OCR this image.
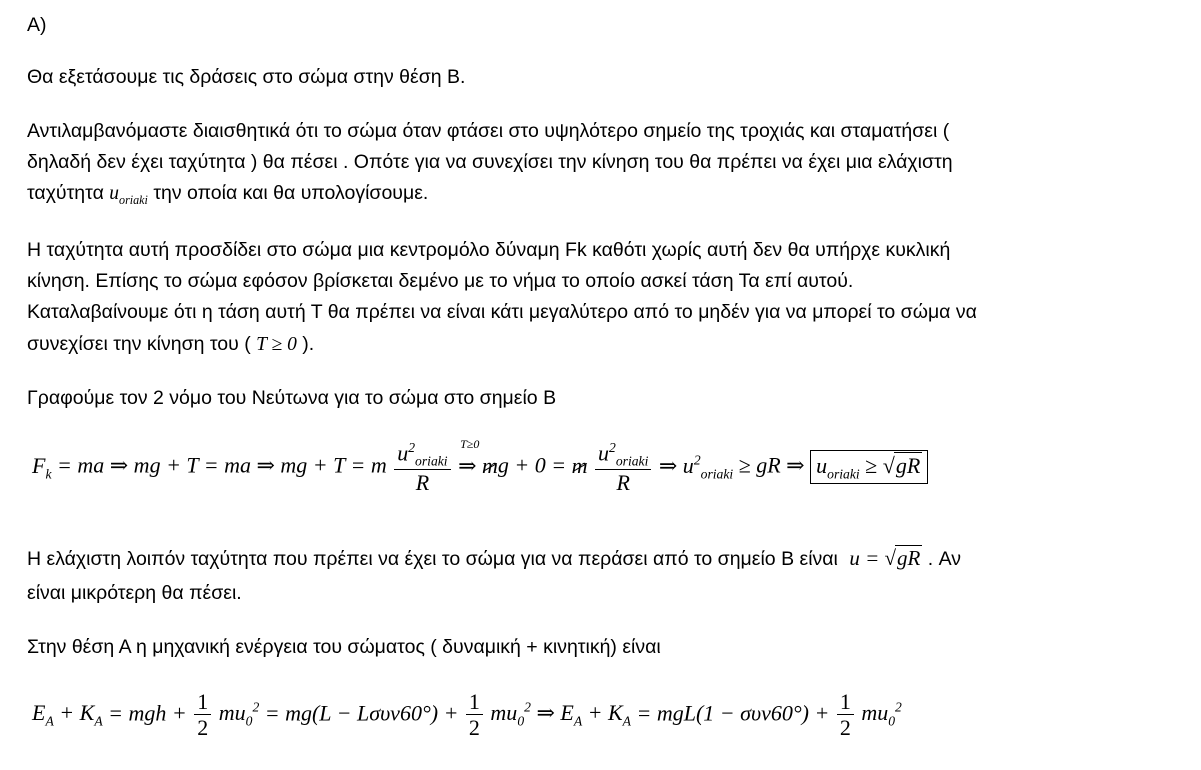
Α)
Θα εξετάσουμε τις δράσεις στο σώμα στην θέση Β.
Αντιλαμβανόμαστε διαισθητικά ότι το σώμα όταν φτάσει στο υψηλότερο σημείο της τροχιάς και σταματήσει (
δηλαδή δεν έχει ταχύτητα ) θα πέσει . Οπότε για να συνεχίσει την κίνηση του θα πρέπει να έχει μια ελάχιστη
ταχύτητα $u_{oriaki}$ την οποία και θα υπολογίσουμε.
Η ταχύτητα αυτή προσδίδει στο σώμα μια κεντρομόλο δύναμη Fk καθότι χωρίς αυτή δεν θα υπήρχε κυκλική
κίνηση. Επίσης το σώμα εφόσον βρίσκεται δεμένο με το νήμα το οποίο ασκεί τάση Τα επί αυτού.
Καταλαβαίνουμε ότι η τάση αυτή Τ θα πρέπει να είναι κάτι μεγαλύτερο από το μηδέν για να μπορεί το σώμα να
συνεχίσει την κίνηση του ( T ≥ 0 ).
Γραφούμε τον 2 νόμο του Νεύτωνα για το σώμα στο σημείο Β
$F_k$ = ma ⇒ mg + T = ma ⇒ mg + T = m $\frac{u^2_{oriaki}}{R}$
T≥0
⇒ mg + 0 = m $\frac{u^2_{oriaki}}{R}$ ⇒ $u^2_{oriaki}$ ≥ gR ⇒ $u_{oriaki} \ge √gR$
Η ελάχιστη λοιπόν ταχύτητα που πρέπει να έχει το σώμα για να περάσει από το σημείο Β είναι u = √gR . Αν
είναι μικρότερη θα πέσει.
Στην θέση Α η μηχανική ενέργεια του σώματος ( δυναμική + κινητική) είναι
$E_A + K_A$ = mgh + $\frac{1}{2} mu_0^2 = mg(L - L\sigma\upsilon\nu 60^\circ) + \frac{1}{2} mu_0^2$ ⇒ $E_A + K_A = mgL(1 - \sigma\upsilon\nu 60^\circ) + \frac{1}{2} mu_0^2$
